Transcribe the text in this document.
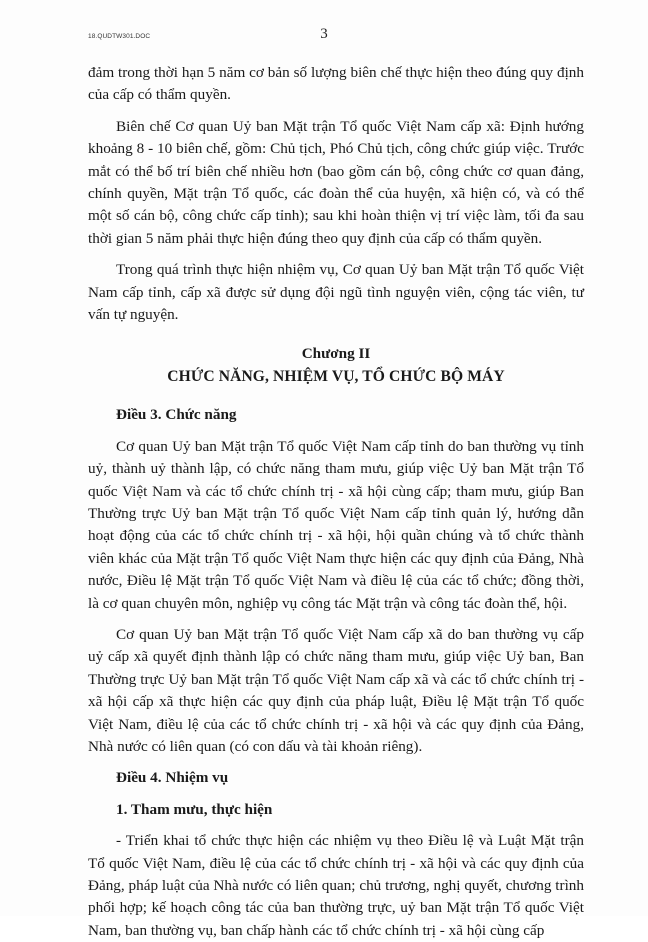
18.QUDTW301.DOC	3

đảm trong thời hạn 5 năm cơ bản số lượng biên chế thực hiện theo đúng quy định của cấp có thẩm quyền.

Biên chế Cơ quan Uỷ ban Mặt trận Tổ quốc Việt Nam cấp xã: Định hướng khoảng 8 - 10 biên chế, gồm: Chủ tịch, Phó Chủ tịch, công chức giúp việc. Trước mắt có thể bố trí biên chế nhiều hơn (bao gồm cán bộ, công chức cơ quan đảng, chính quyền, Mặt trận Tổ quốc, các đoàn thể của huyện, xã hiện có, và có thể một số cán bộ, công chức cấp tỉnh); sau khi hoàn thiện vị trí việc làm, tối đa sau thời gian 5 năm phải thực hiện đúng theo quy định của cấp có thẩm quyền.

Trong quá trình thực hiện nhiệm vụ, Cơ quan Uỷ ban Mặt trận Tổ quốc Việt Nam cấp tỉnh, cấp xã được sử dụng đội ngũ tình nguyện viên, cộng tác viên, tư vấn tự nguyện.

Chương II

CHỨC NĂNG, NHIỆM VỤ, TỔ CHỨC BỘ MÁY

Điều 3. Chức năng

Cơ quan Uỷ ban Mặt trận Tổ quốc Việt Nam cấp tỉnh do ban thường vụ tỉnh uỷ, thành uỷ thành lập, có chức năng tham mưu, giúp việc Uỷ ban Mặt trận Tổ quốc Việt Nam và các tổ chức chính trị - xã hội cùng cấp; tham mưu, giúp Ban Thường trực Uỷ ban Mặt trận Tổ quốc Việt Nam cấp tỉnh quản lý, hướng dẫn hoạt động của các tổ chức chính trị - xã hội, hội quần chúng và tổ chức thành viên khác của Mặt trận Tổ quốc Việt Nam thực hiện các quy định của Đảng, Nhà nước, Điều lệ Mặt trận Tổ quốc Việt Nam và điều lệ của các tổ chức; đồng thời, là cơ quan chuyên môn, nghiệp vụ công tác Mặt trận và công tác đoàn thể, hội.

Cơ quan Uỷ ban Mặt trận Tổ quốc Việt Nam cấp xã do ban thường vụ cấp uỷ cấp xã quyết định thành lập có chức năng tham mưu, giúp việc Uỷ ban, Ban Thường trực Uỷ ban Mặt trận Tổ quốc Việt Nam cấp xã và các tổ chức chính trị - xã hội cấp xã thực hiện các quy định của pháp luật, Điều lệ Mặt trận Tổ quốc Việt Nam, điều lệ của các tổ chức chính trị - xã hội và các quy định của Đảng, Nhà nước có liên quan (có con dấu và tài khoản riêng).

Điều 4. Nhiệm vụ

1. Tham mưu, thực hiện

- Triển khai tổ chức thực hiện các nhiệm vụ theo Điều lệ và Luật Mặt trận Tổ quốc Việt Nam, điều lệ của các tổ chức chính trị - xã hội và các quy định của Đảng, pháp luật của Nhà nước có liên quan; chủ trương, nghị quyết, chương trình phối hợp; kế hoạch công tác của ban thường trực, uỷ ban Mặt trận Tổ quốc Việt Nam, ban thường vụ, ban chấp hành các tổ chức chính trị - xã hội cùng cấp
